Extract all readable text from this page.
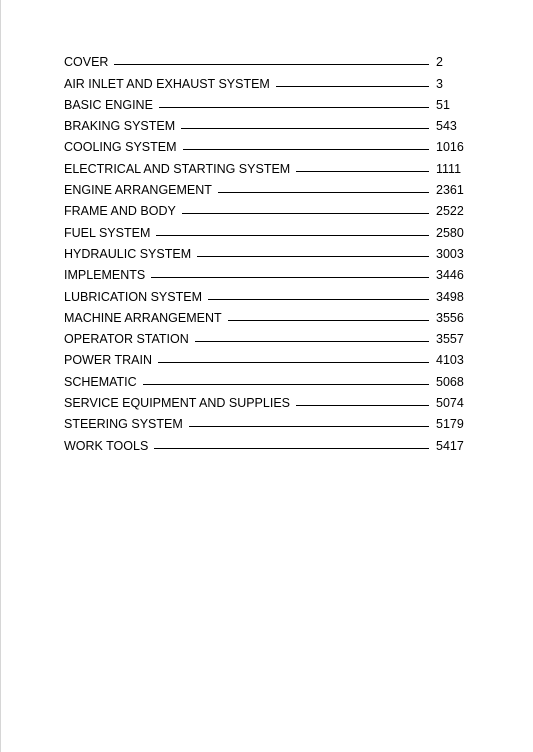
COVER	2
AIR INLET AND EXHAUST SYSTEM	3
BASIC ENGINE	51
BRAKING SYSTEM	543
COOLING SYSTEM	1016
ELECTRICAL AND STARTING SYSTEM	1111
ENGINE ARRANGEMENT	2361
FRAME AND BODY	2522
FUEL SYSTEM	2580
HYDRAULIC SYSTEM	3003
IMPLEMENTS	3446
LUBRICATION SYSTEM	3498
MACHINE ARRANGEMENT	3556
OPERATOR STATION	3557
POWER TRAIN	4103
SCHEMATIC	5068
SERVICE EQUIPMENT AND SUPPLIES	5074
STEERING SYSTEM	5179
WORK TOOLS	5417
